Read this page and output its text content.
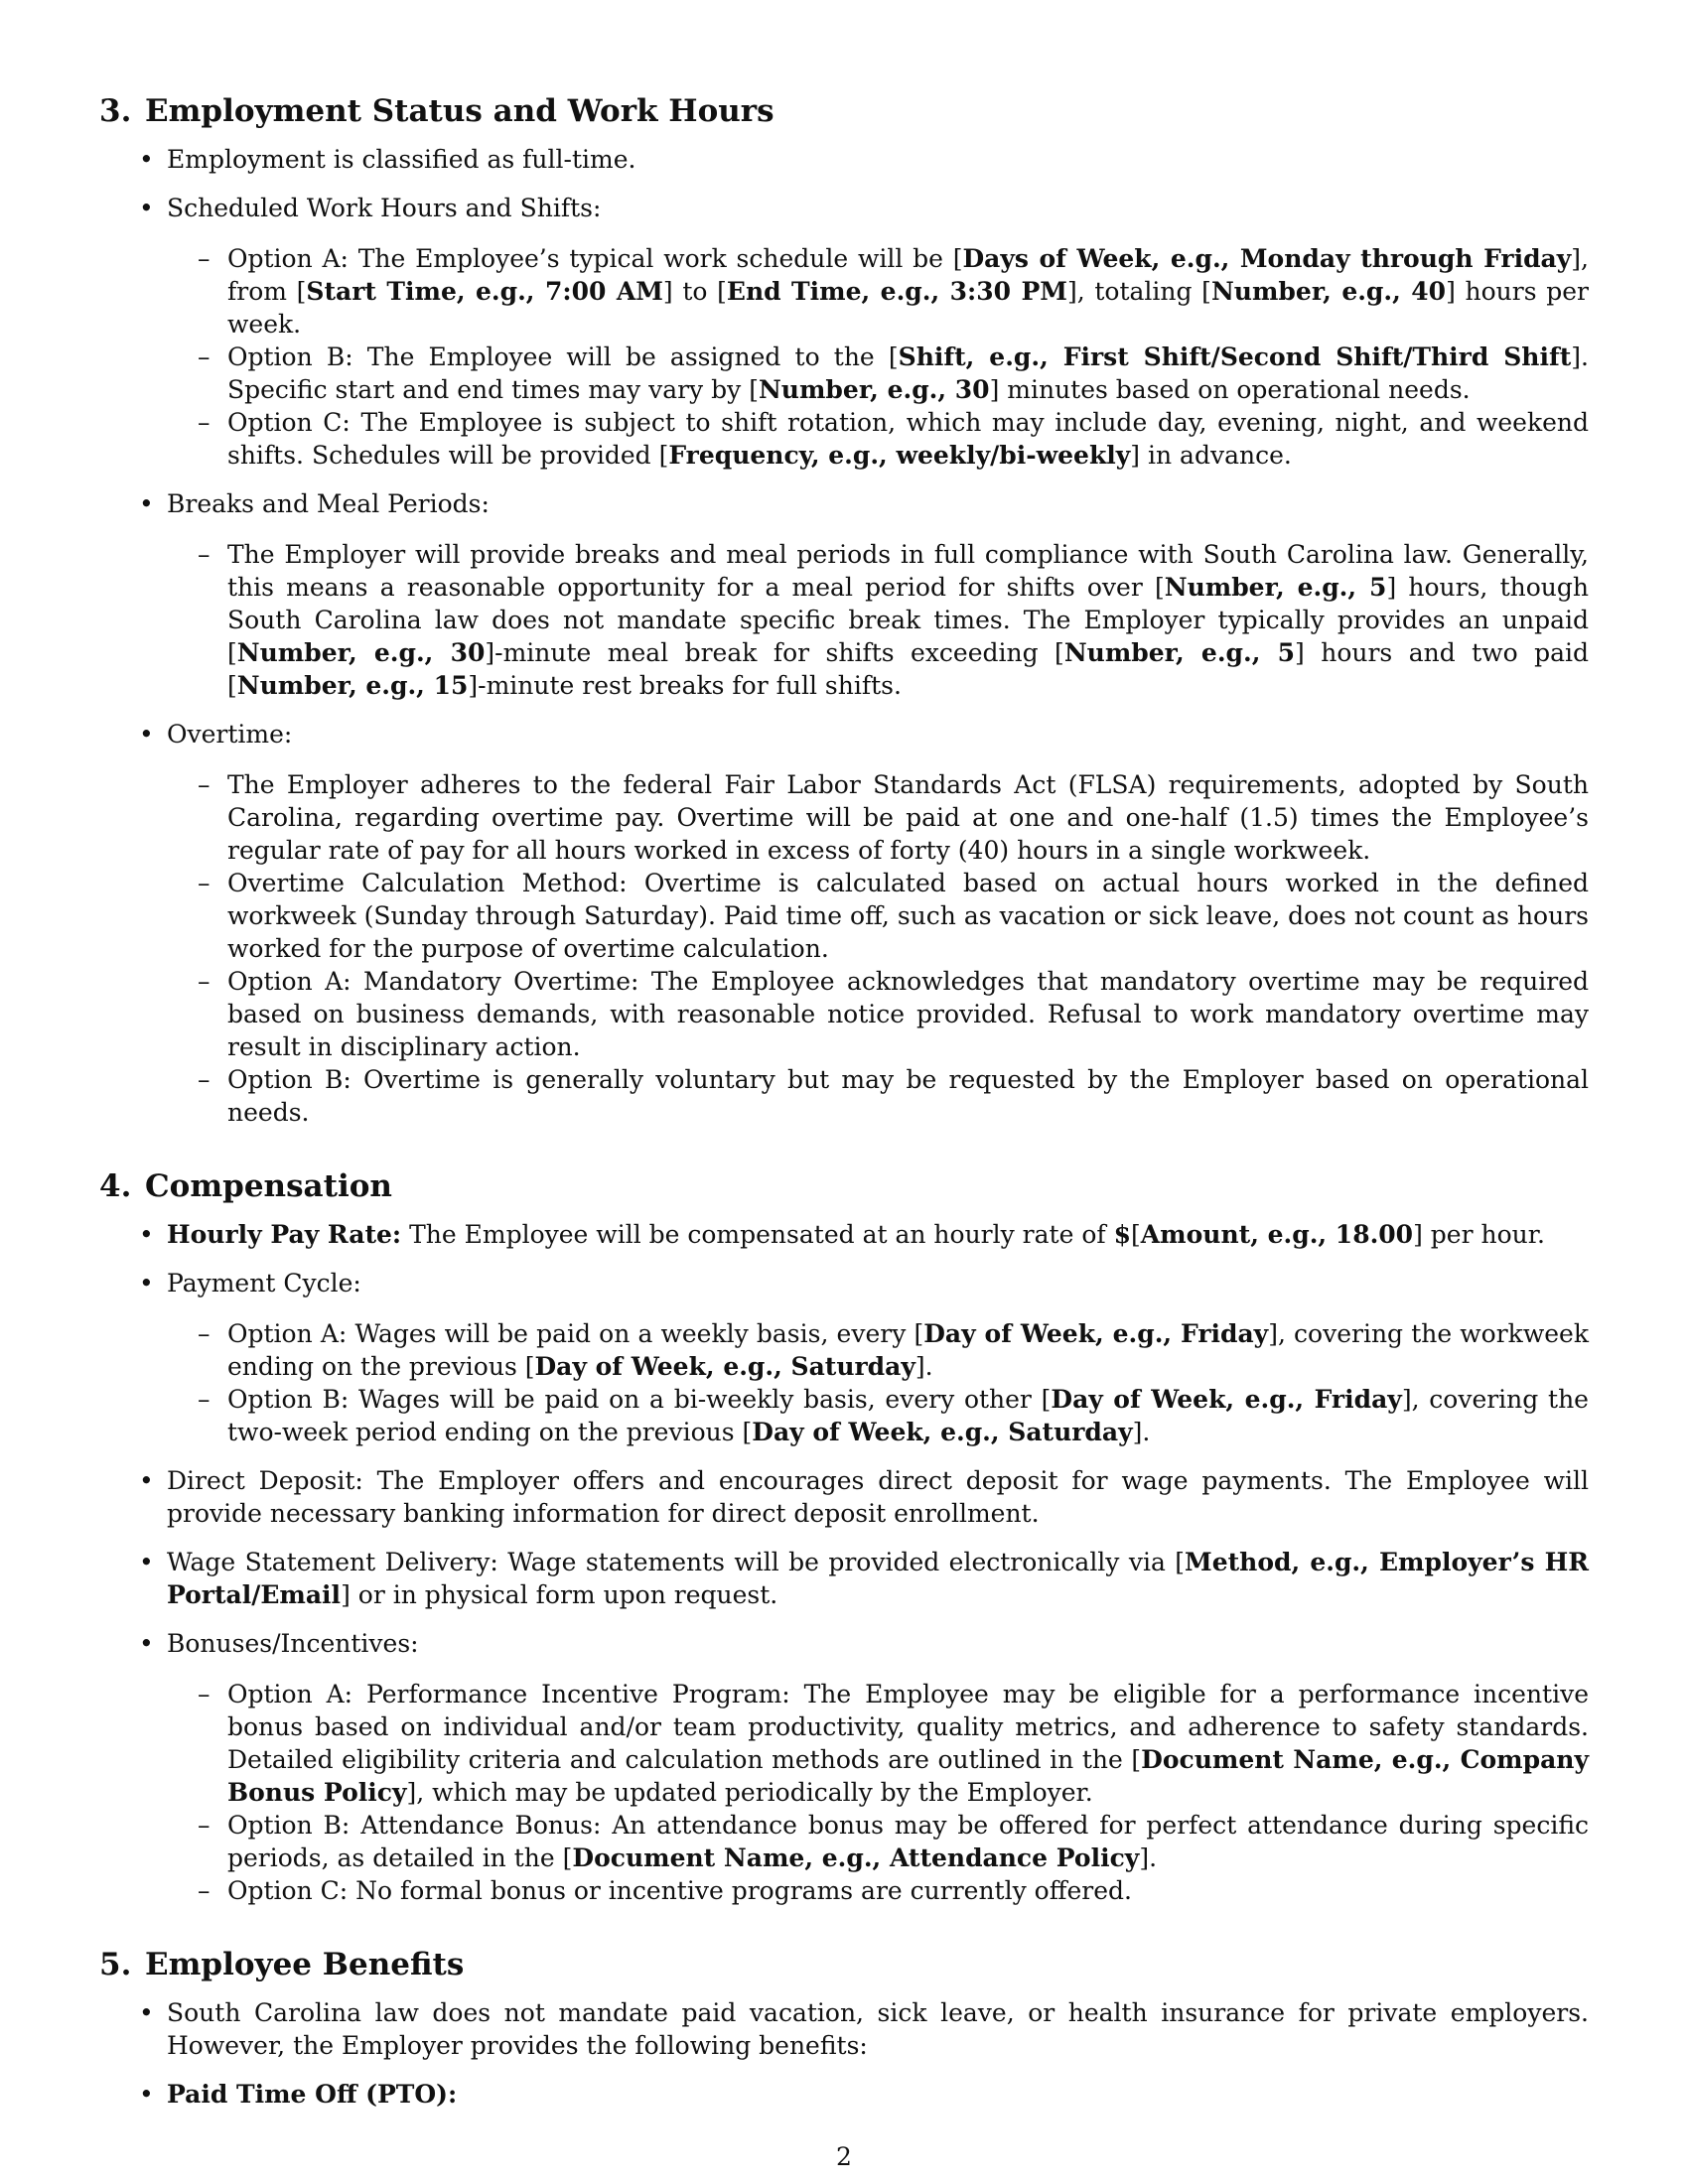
3. Employment Status and Work Hours
• Employment is classified as full-time.
• Scheduled Work Hours and Shifts:
– Option A: The Employee’s typical work schedule will be [Days of Week, e.g., Monday through Friday], from [Start Time, e.g., 7:00 AM] to [End Time, e.g., 3:30 PM], totaling [Number, e.g., 40] hours per week.
– Option B: The Employee will be assigned to the [Shift, e.g., First Shift/Second Shift/Third Shift]. Specific start and end times may vary by [Number, e.g., 30] minutes based on operational needs.
– Option C: The Employee is subject to shift rotation, which may include day, evening, night, and weekend shifts. Schedules will be provided [Frequency, e.g., weekly/bi-weekly] in advance.
• Breaks and Meal Periods:
– The Employer will provide breaks and meal periods in full compliance with South Carolina law. Generally, this means a reasonable opportunity for a meal period for shifts over [Number, e.g., 5] hours, though South Carolina law does not mandate specific break times. The Employer typically provides an unpaid [Number, e.g., 30]-minute meal break for shifts exceeding [Number, e.g., 5] hours and two paid [Number, e.g., 15]-minute rest breaks for full shifts.
• Overtime:
– The Employer adheres to the federal Fair Labor Standards Act (FLSA) requirements, adopted by South Carolina, regarding overtime pay. Overtime will be paid at one and one-half (1.5) times the Employee’s regular rate of pay for all hours worked in excess of forty (40) hours in a single workweek.
– Overtime Calculation Method: Overtime is calculated based on actual hours worked in the defined workweek (Sunday through Saturday). Paid time off, such as vacation or sick leave, does not count as hours worked for the purpose of overtime calculation.
– Option A: Mandatory Overtime: The Employee acknowledges that mandatory overtime may be required based on business demands, with reasonable notice provided. Refusal to work mandatory overtime may result in disciplinary action.
– Option B: Overtime is generally voluntary but may be requested by the Employer based on operational needs.
4. Compensation
• Hourly Pay Rate: The Employee will be compensated at an hourly rate of $[Amount, e.g., 18.00] per hour.
• Payment Cycle:
– Option A: Wages will be paid on a weekly basis, every [Day of Week, e.g., Friday], covering the workweek ending on the previous [Day of Week, e.g., Saturday].
– Option B: Wages will be paid on a bi-weekly basis, every other [Day of Week, e.g., Friday], covering the two-week period ending on the previous [Day of Week, e.g., Saturday].
• Direct Deposit: The Employer offers and encourages direct deposit for wage payments. The Employee will provide necessary banking information for direct deposit enrollment.
• Wage Statement Delivery: Wage statements will be provided electronically via [Method, e.g., Employer’s HR Portal/Email] or in physical form upon request.
• Bonuses/Incentives:
– Option A: Performance Incentive Program: The Employee may be eligible for a performance incentive bonus based on individual and/or team productivity, quality metrics, and adherence to safety standards. Detailed eligibility criteria and calculation methods are outlined in the [Document Name, e.g., Company Bonus Policy], which may be updated periodically by the Employer.
– Option B: Attendance Bonus: An attendance bonus may be offered for perfect attendance during specific periods, as detailed in the [Document Name, e.g., Attendance Policy].
– Option C: No formal bonus or incentive programs are currently offered.
5. Employee Benefits
• South Carolina law does not mandate paid vacation, sick leave, or health insurance for private employers. However, the Employer provides the following benefits:
• Paid Time Off (PTO):
2
